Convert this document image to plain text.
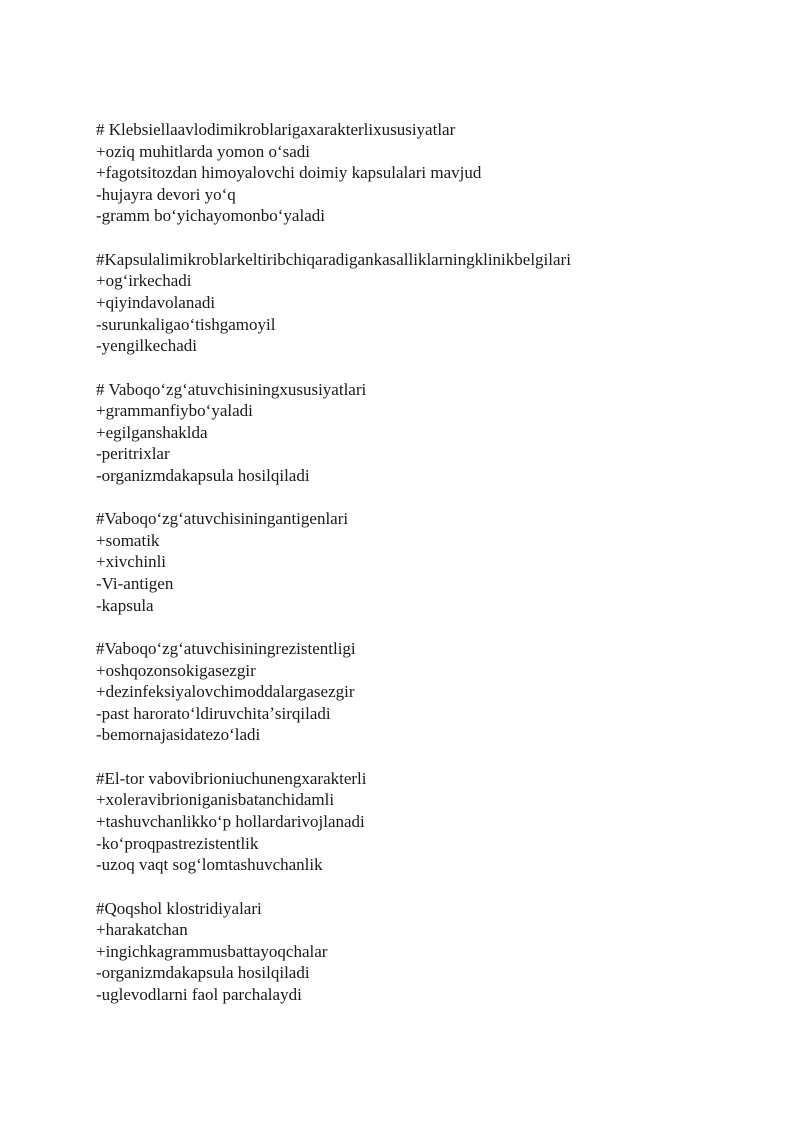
# Klebsiellaavlodimikroblarigaxarakterlixususiyatlar
+oziq muhitlarda yomon oʻsadi
+fagotsitozdan himoyalovchi doimiy kapsulalari mavjud
-hujayra devori yoʻq
-gramm boʻyichayomonboʻyaladi
#Kapsulalimikroblarkeltiribchiqaradigankasalliklarningklinikbelgilari
+ogʻirkechadi
+qiyindavolanadi
-surunkaligaoʻtishgamoyil
-yengilkechadi
# Vaboqoʻzgʻatuvchisiningxususiyatlari
+grammanfiyboʻyaladi
+egilganshaklda
-peritrixlar
-organizmdakapsula hosilqiladi
#Vaboqoʻzgʻatuvchisiningantigenlari
+somatik
+xivchinli
-Vi-antigen
-kapsula
#Vaboqoʻzgʻatuvchisiningrezistentligi
+oshqozonsokigasezgir
+dezinfeksiyalovchimoddalargasezgir
-past haroratoʻldiruvchitaʼsirqiladi
-bemornajasidatezoʻladi
#El-tor vabovibrioniuchunengxarakterli
+xoleravibrioniganisbatanchidamli
+tashuvchanlikkoʻp hollardarivojlanadi
-koʻproqpastrezistentlik
-uzoq vaqt sogʻlomtashuvchanlik
#Qoqshol klostridiyalari
+harakatchan
+ingichkagrammusbattayoqchalar
-organizmdakapsula hosilqiladi
-uglevodlarni faol parchalaydi
